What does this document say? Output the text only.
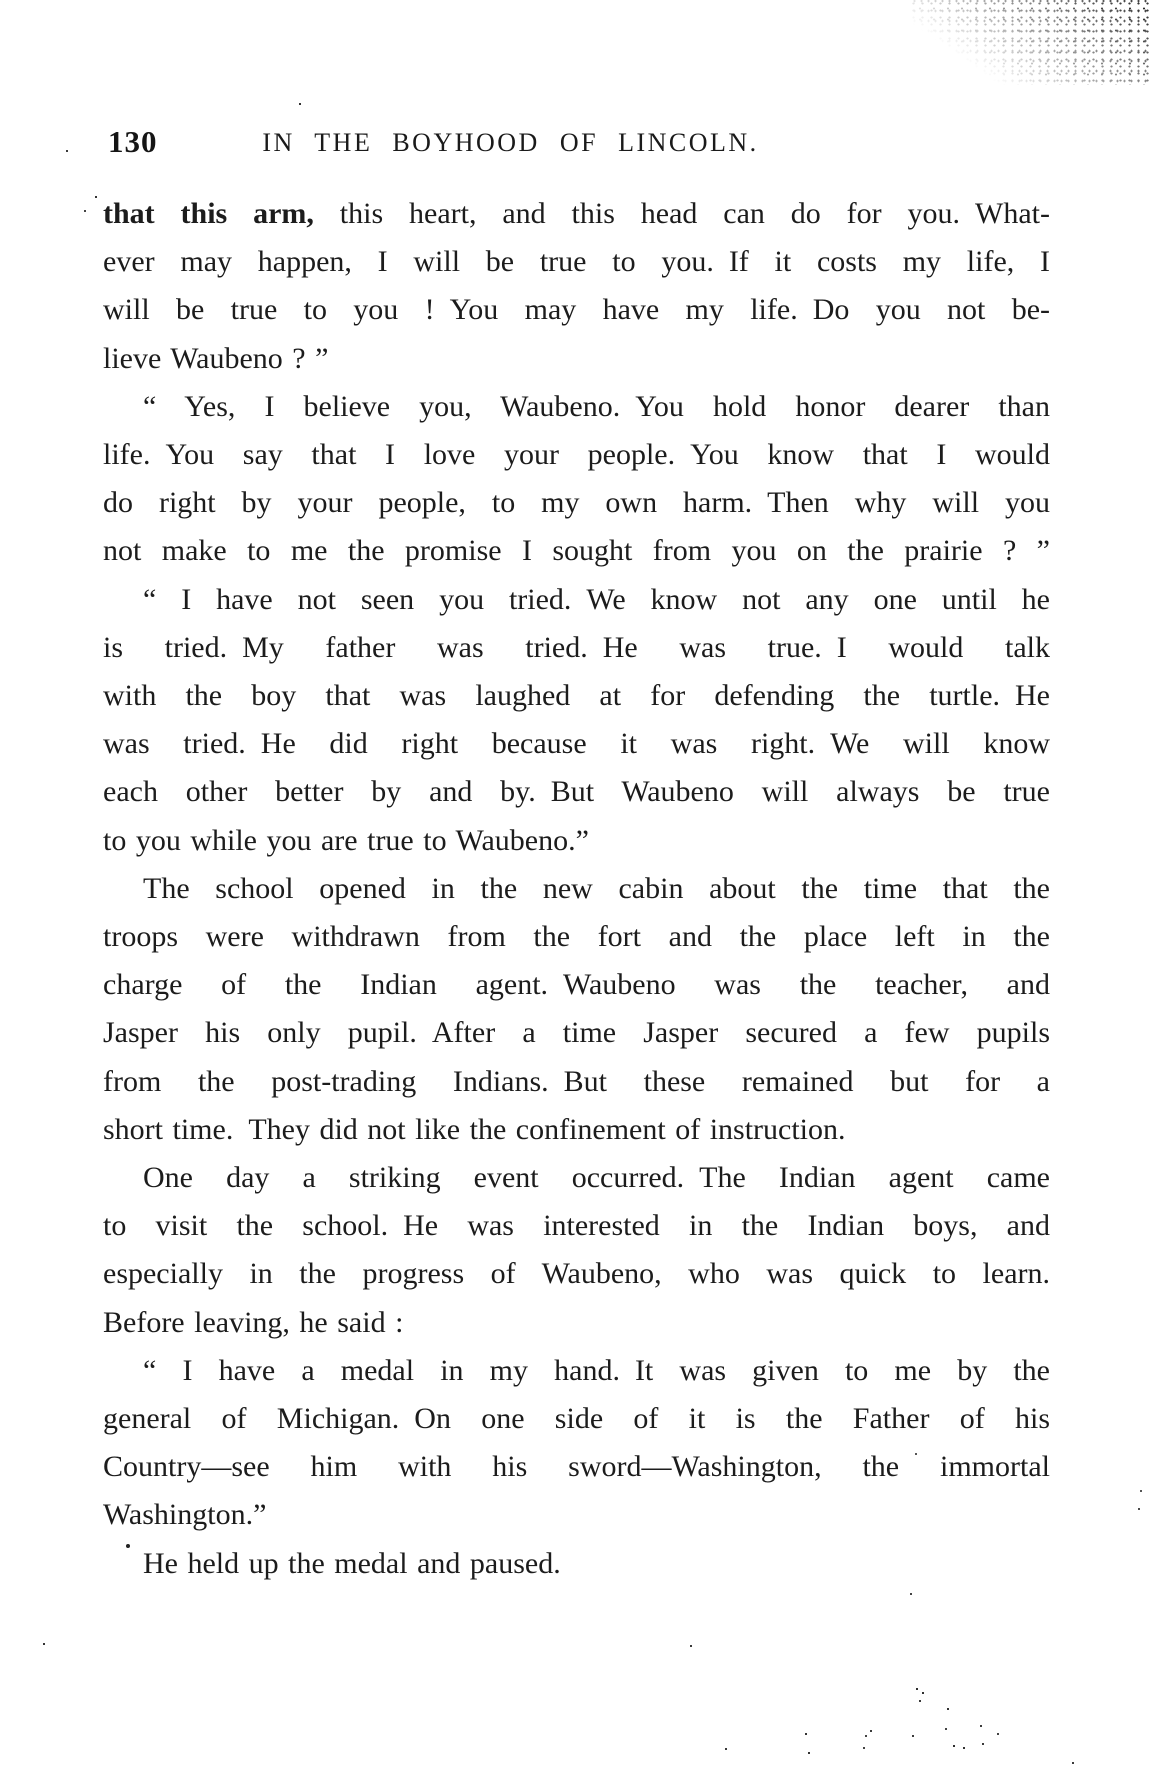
130	IN THE BOYHOOD OF LINCOLN.
that this arm, this heart, and this head can do for you. What-
ever may happen, I will be true to you. If it costs my life, I
will be true to you ! You may have my life. Do you not be-
lieve Waubeno ? ”
“ Yes, I believe you, Waubeno. You hold honor dearer than
life. You say that I love your people. You know that I would
do right by your people, to my own harm. Then why will you
not make to me the promise I sought from you on the prairie ? ”
“ I have not seen you tried. We know not any one until he
is tried. My father was tried. He was true. I would talk
with the boy that was laughed at for defending the turtle. He
was tried. He did right because it was right. We will know
each other better by and by. But Waubeno will always be true
to you while you are true to Waubeno.”
The school opened in the new cabin about the time that the
troops were withdrawn from the fort and the place left in the
charge of the Indian agent. Waubeno was the teacher, and
Jasper his only pupil. After a time Jasper secured a few pupils
from the post-trading Indians. But these remained but for a
short time. They did not like the confinement of instruction.
One day a striking event occurred. The Indian agent came
to visit the school. He was interested in the Indian boys, and
especially in the progress of Waubeno, who was quick to learn.
Before leaving, he said :
“ I have a medal in my hand. It was given to me by the
general of Michigan. On one side of it is the Father of his
Country—see him with his sword—Washington, the immortal
Washington.”
He held up the medal and paused.
